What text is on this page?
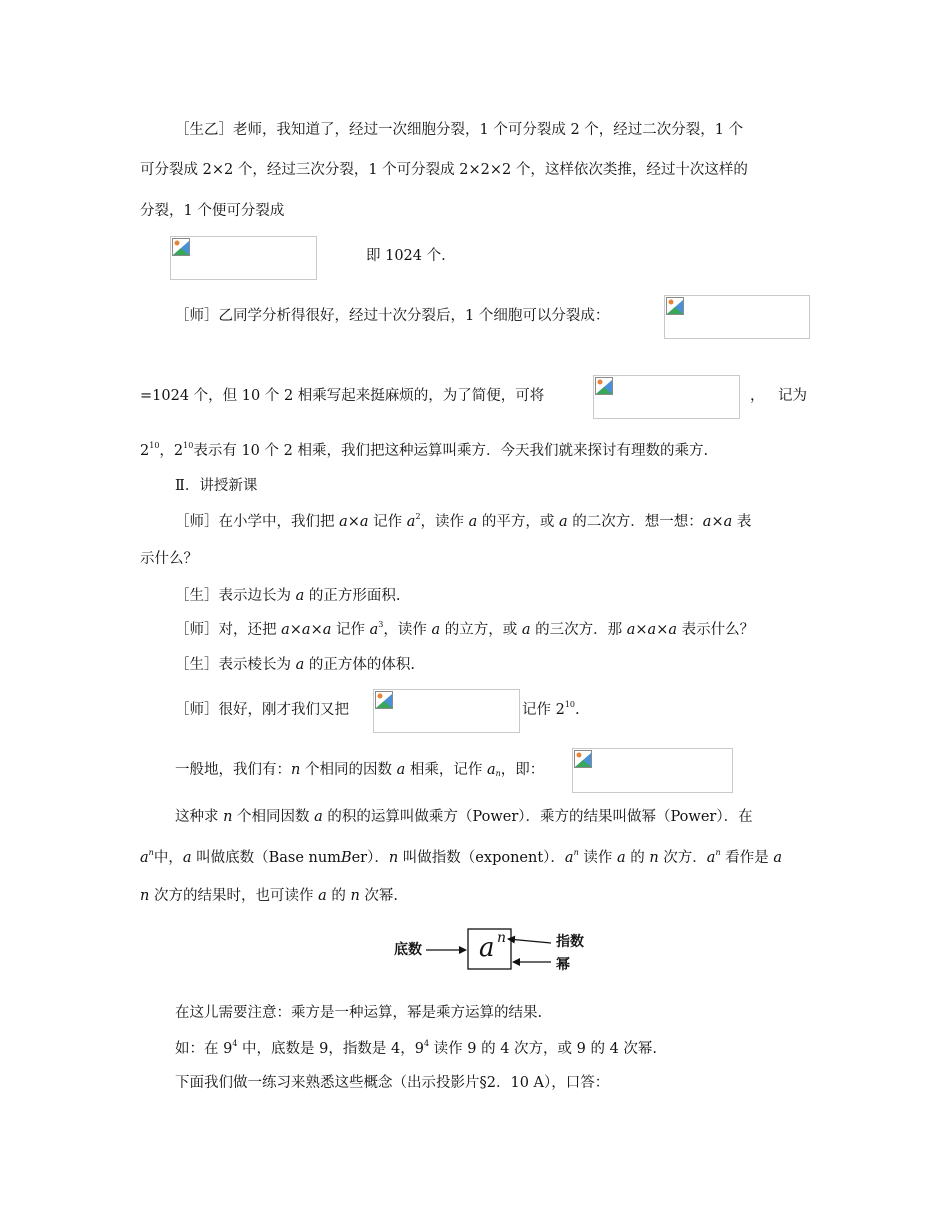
［生乙］老师，我知道了，经过一次细胞分裂，1 个可分裂成 2 个，经过二次分裂，1 个
可分裂成 2×2 个，经过三次分裂，1 个可分裂成 2×2×2 个，这样依次类推，经过十次这样的
分裂，1 个便可分裂成
即 1024 个.
［师］乙同学分析得很好，经过十次分裂后，1 个细胞可以分裂成：
=1024 个，但 10 个 2 相乘写起来挺麻烦的，为了简便，可将	， 记为
$2^{10}$，$2^{10}$表示有 10 个 2 相乘，我们把这种运算叫乘方．今天我们就来探讨有理数的乘方.
Ⅱ．讲授新课
［师］在小学中，我们把 a×a 记作 $a^2$，读作 a 的平方，或 a 的二次方．想一想：a×a 表
示什么？
［生］表示边长为 a 的正方形面积.
［师］对，还把 a×a×a 记作 $a^3$，读作 a 的立方，或 a 的三次方．那 a×a×a 表示什么？
［生］表示棱长为 a 的正方体的体积.
［师］很好，刚才我们又把	记作 $2^{10}$.
一般地，我们有：n 个相同的因数 a 相乘，记作 $a_n$，即：
这种求 n 个相同因数 a 的积的运算叫做乘方（Power）．乘方的结果叫做幂（Power）．在
$a^n$中，a 叫做底数（Base numBer）．n 叫做指数（exponent）．$a^n$ 读作 a 的 n 次方．$a^n$ 看作是 a
n 次方的结果时，也可读作 a 的 n 次幂.
底数 a n	指数
幂
在这儿需要注意：乘方是一种运算，幂是乘方运算的结果.
如：在 $9^4$ 中，底数是 9，指数是 4，$9^4$ 读作 9 的 4 次方，或 9 的 4 次幂.
下面我们做一练习来熟悉这些概念（出示投影片§2．10 A），口答：
